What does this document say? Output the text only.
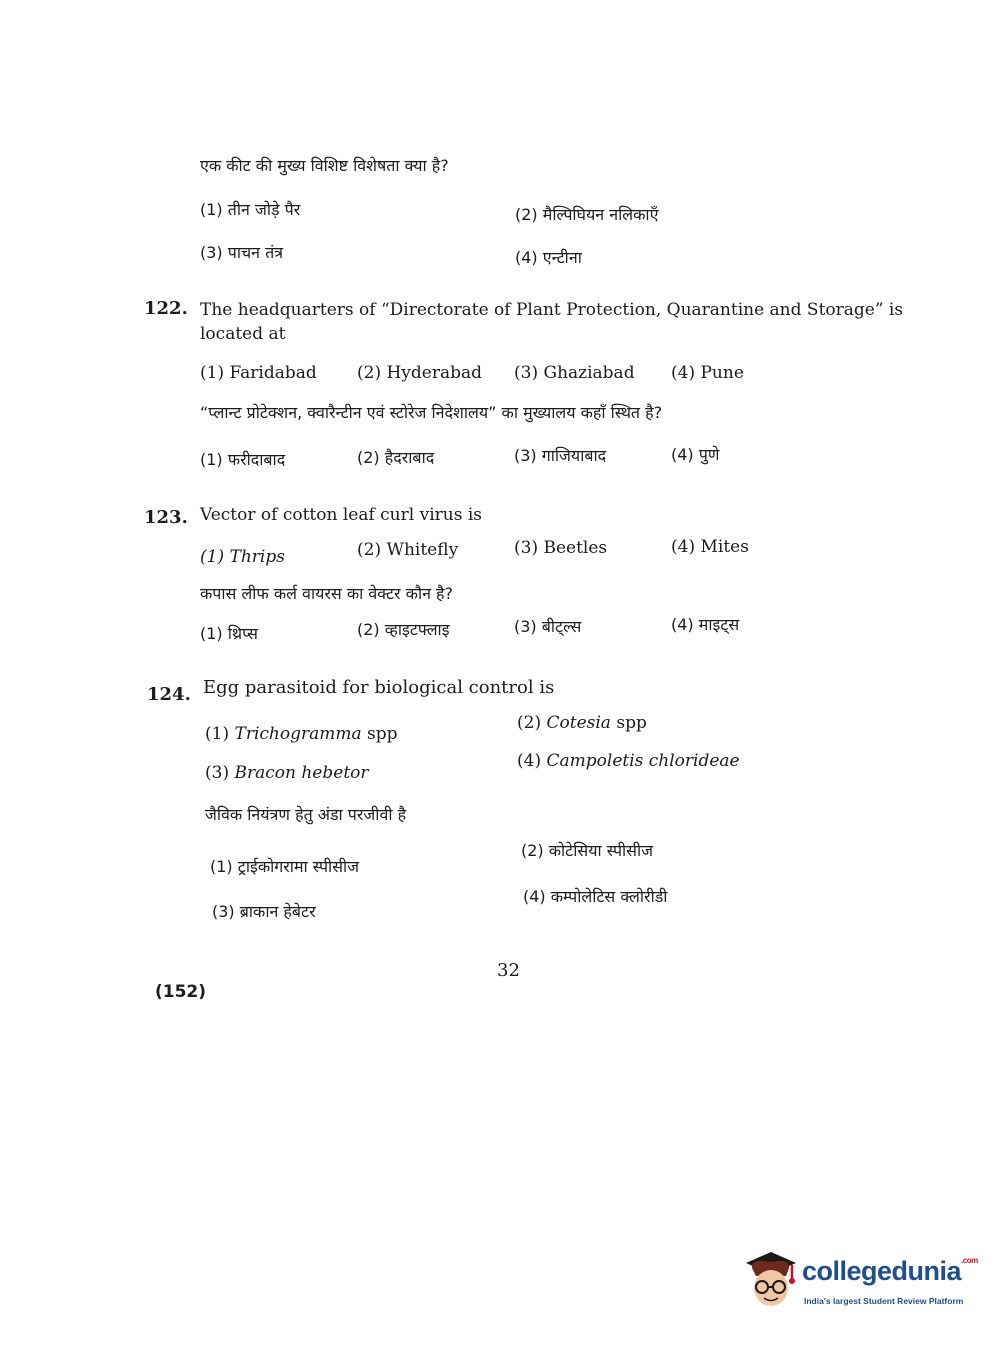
एक कीट की मुख्य विशिष्ट विशेषता क्या है?
(1) तीन जोड़े पैर	(2) मैल्पिघियन नलिकाएँ
(3) पाचन तंत्र	(4) एन्टीना
122. The headquarters of “Directorate of Plant Protection, Quarantine and Storage” is
located at
(1) Faridabad (2) Hyderabad (3) Ghaziabad (4) Pune
“प्लान्ट प्रोटेक्शन, क्वारैन्टीन एवं स्टोरेज निदेशालय” का मुख्यालय कहाँ स्थित है?
(1) फरीदाबाद	(2) हैदराबाद	(3) गाजियाबाद	(4) पुणे
123. Vector of cotton leaf curl virus is
(1) Thrips	(2) Whitefly	(3) Beetles	(4) Mites
कपास लीफ कर्ल वायरस का वेक्टर कौन है?
(1) थ्रिप्स	(2) व्हाइटफ्लाइ	(3) बीट्ल्स	(4) माइट्स
124. Egg parasitoid for biological control is
(1) Trichogramma spp
(2) Cotesia spp
(3) Bracon hebetor
(4) Campoletis chlorideae
जैविक नियंत्रण हेतु अंडा परजीवी है
(1) ट्राईकोगरामा स्पीसीज
(2) कोटेसिया स्पीसीज
(3) ब्राकान हेबेटर
(4) कम्पोलेटिस क्लोरीडी
32
(152)
collegedunia$^{.com}$
India's largest Student Review Platform
